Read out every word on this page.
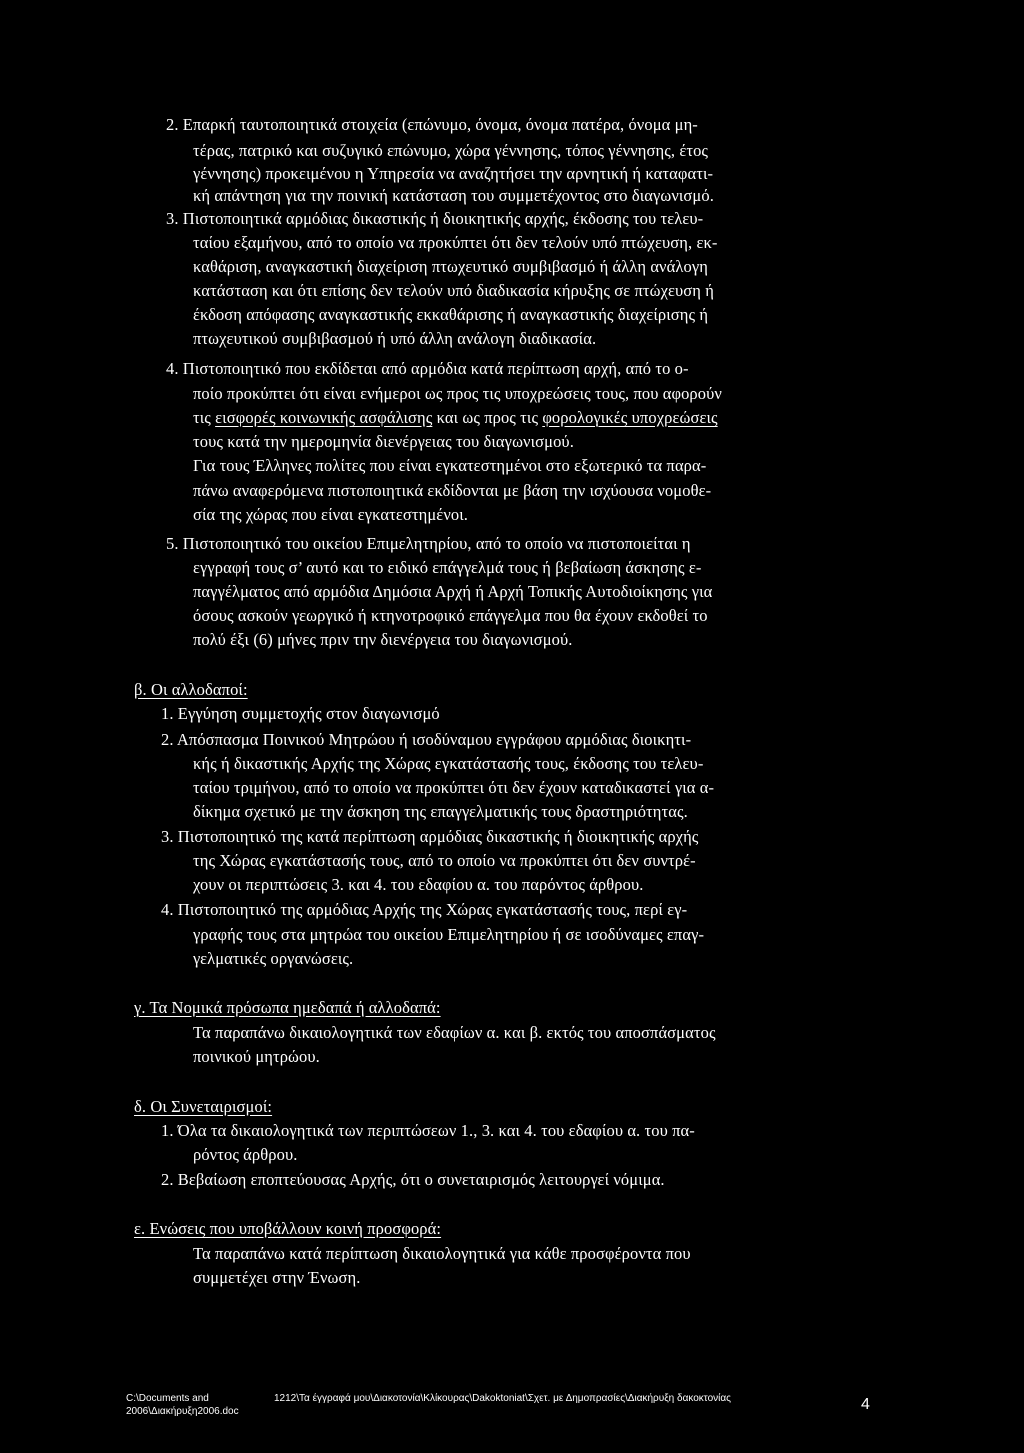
2. Επαρκή ταυτοποιητικά στοιχεία (επώνυμο, όνομα, όνομα πατέρα, όνομα μη-
τέρας, πατρικό και συζυγικό επώνυμο, χώρα γέννησης, τόπος γέννησης, έτος
γέννησης) προκειμένου η Υπηρεσία να αναζητήσει την αρνητική ή καταφατι-
κή απάντηση για την ποινική κατάσταση του συμμετέχοντος στο διαγωνισμό.
3. Πιστοποιητικά αρμόδιας δικαστικής ή διοικητικής αρχής, έκδοσης του τελευ-
ταίου εξαμήνου, από το οποίο να προκύπτει ότι δεν τελούν υπό πτώχευση, εκ-
καθάριση, αναγκαστική διαχείριση πτωχευτικό συμβιβασμό ή άλλη ανάλογη
κατάσταση και ότι επίσης δεν τελούν υπό διαδικασία κήρυξης σε πτώχευση ή
έκδοση απόφασης αναγκαστικής εκκαθάρισης ή αναγκαστικής διαχείρισης ή
πτωχευτικού συμβιβασμού ή υπό άλλη ανάλογη διαδικασία.
4. Πιστοποιητικό που εκδίδεται από αρμόδια κατά περίπτωση αρχή, από το ο-
ποίο προκύπτει ότι είναι ενήμεροι ως προς τις υποχρεώσεις τους, που αφορούν
τις εισφορές κοινωνικής ασφάλισης και ως προς τις φορολογικές υποχρεώσεις
τους κατά την ημερομηνία διενέργειας του διαγωνισμού.
Για τους Έλληνες πολίτες που είναι εγκατεστημένοι στο εξωτερικό τα παρα-
πάνω αναφερόμενα πιστοποιητικά εκδίδονται με βάση την ισχύουσα νομοθε-
σία της χώρας που είναι εγκατεστημένοι.
5. Πιστοποιητικό του οικείου Επιμελητηρίου, από το οποίο να πιστοποιείται η
εγγραφή τους σ’ αυτό και το ειδικό επάγγελμά τους ή βεβαίωση άσκησης ε-
παγγέλματος από αρμόδια Δημόσια Αρχή ή Αρχή Τοπικής Αυτοδιοίκησης για
όσους ασκούν γεωργικό ή κτηνοτροφικό επάγγελμα που θα έχουν εκδοθεί το
πολύ έξι (6) μήνες πριν την διενέργεια του διαγωνισμού.
β. Οι αλλοδαποί:
1. Εγγύηση συμμετοχής στον διαγωνισμό
2. Απόσπασμα Ποινικού Μητρώου ή ισοδύναμου εγγράφου αρμόδιας διοικητι-
κής ή δικαστικής Αρχής της Χώρας εγκατάστασής τους, έκδοσης του τελευ-
ταίου τριμήνου, από το οποίο να προκύπτει ότι δεν έχουν καταδικαστεί για α-
δίκημα σχετικό με την άσκηση της επαγγελματικής τους δραστηριότητας.
3. Πιστοποιητικό της κατά περίπτωση αρμόδιας δικαστικής ή διοικητικής αρχής
της Χώρας εγκατάστασής τους, από το οποίο να προκύπτει ότι δεν συντρέ-
χουν οι περιπτώσεις 3. και 4. του εδαφίου α. του παρόντος άρθρου.
4. Πιστοποιητικό της αρμόδιας Αρχής της Χώρας εγκατάστασής τους, περί εγ-
γραφής τους στα μητρώα του οικείου Επιμελητηρίου ή σε ισοδύναμες επαγ-
γελματικές οργανώσεις.
γ. Τα Νομικά πρόσωπα ημεδαπά ή αλλοδαπά:
Τα παραπάνω δικαιολογητικά των εδαφίων α. και β. εκτός του αποσπάσματος
ποινικού μητρώου.
δ. Οι Συνεταιρισμοί:
1. Όλα τα δικαιολογητικά των περιπτώσεων 1., 3. και 4. του εδαφίου α. του πα-
ρόντος άρθρου.
2. Βεβαίωση εποπτεύουσας Αρχής, ότι ο συνεταιρισμός λειτουργεί νόμιμα.
ε. Ενώσεις που υποβάλλουν κοινή προσφορά:
Τα παραπάνω κατά περίπτωση δικαιολογητικά για κάθε προσφέροντα που
συμμετέχει στην Ένωση.
C:\Documents and
2006\Διακήρυξη2006.doc
1212\Τα έγγραφά μου\Διακοτονία\Κλίκουρας\Dakoktoniat\Σχετ. με Δημοπρασίες\Διακήρυξη δακοκτονίας	4
